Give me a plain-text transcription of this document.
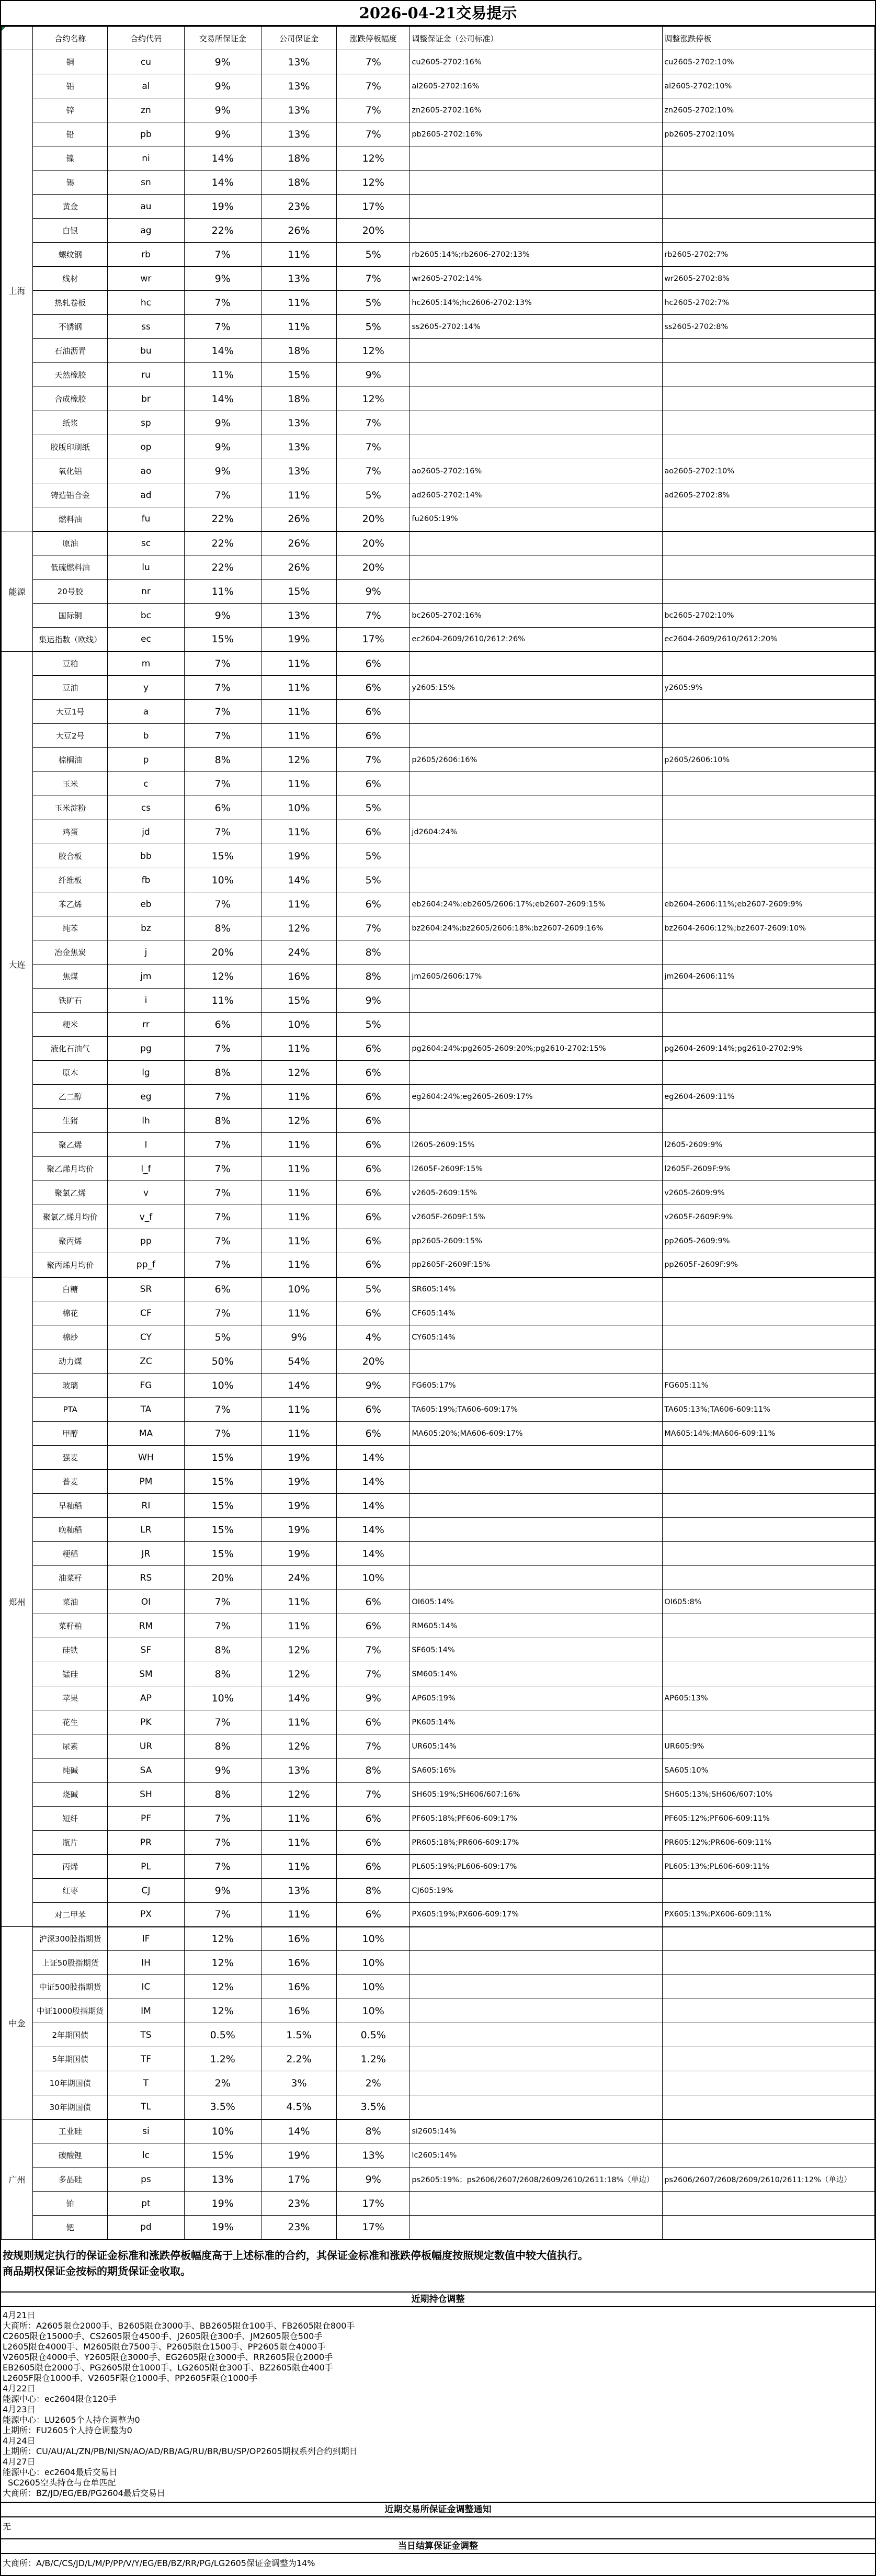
2026-04-21交易提示
	合约名称	合约代码	交易所保证金	公司保证金	涨跌停板幅度	调整保证金（公司标准）	调整涨跌停板
上海	铜	cu	9%	13%	7%	cu2605-2702:16%	cu2605-2702:10%
	铝	al	9%	13%	7%	al2605-2702:16%	al2605-2702:10%
	锌	zn	9%	13%	7%	zn2605-2702:16%	zn2605-2702:10%
	铅	pb	9%	13%	7%	pb2605-2702:16%	pb2605-2702:10%
	镍	ni	14%	18%	12%		
	锡	sn	14%	18%	12%		
	黄金	au	19%	23%	17%		
	白银	ag	22%	26%	20%		
	螺纹钢	rb	7%	11%	5%	rb2605:14%;rb2606-2702:13%	rb2605-2702:7%
	线材	wr	9%	13%	7%	wr2605-2702:14%	wr2605-2702:8%
	热轧卷板	hc	7%	11%	5%	hc2605:14%;hc2606-2702:13%	hc2605-2702:7%
	不锈钢	ss	7%	11%	5%	ss2605-2702:14%	ss2605-2702:8%
	石油沥青	bu	14%	18%	12%		
	天然橡胶	ru	11%	15%	9%		
	合成橡胶	br	14%	18%	12%		
	纸浆	sp	9%	13%	7%		
	胶版印刷纸	op	9%	13%	7%		
	氧化铝	ao	9%	13%	7%	ao2605-2702:16%	ao2605-2702:10%
	铸造铝合金	ad	7%	11%	5%	ad2605-2702:14%	ad2605-2702:8%
	燃料油	fu	22%	26%	20%	fu2605:19%	
能源	原油	sc	22%	26%	20%		
	低硫燃料油	lu	22%	26%	20%		
	20号胶	nr	11%	15%	9%		
	国际铜	bc	9%	13%	7%	bc2605-2702:16%	bc2605-2702:10%
	集运指数（欧线）	ec	15%	19%	17%	ec2604-2609/2610/2612:26%	ec2604-2609/2610/2612:20%
大连	豆粕	m	7%	11%	6%		
	豆油	y	7%	11%	6%	y2605:15%	y2605:9%
	大豆1号	a	7%	11%	6%		
	大豆2号	b	7%	11%	6%		
	棕榈油	p	8%	12%	7%	p2605/2606:16%	p2605/2606:10%
	玉米	c	7%	11%	6%		
	玉米淀粉	cs	6%	10%	5%		
	鸡蛋	jd	7%	11%	6%	jd2604:24%	
	胶合板	bb	15%	19%	5%		
	纤维板	fb	10%	14%	5%		
	苯乙烯	eb	7%	11%	6%	eb2604:24%;eb2605/2606:17%;eb2607-2609:15%	eb2604-2606:11%;eb2607-2609:9%
	纯苯	bz	8%	12%	7%	bz2604:24%;bz2605/2606:18%;bz2607-2609:16%	bz2604-2606:12%;bz2607-2609:10%
	冶金焦炭	j	20%	24%	8%		
	焦煤	jm	12%	16%	8%	jm2605/2606:17%	jm2604-2606:11%
	铁矿石	i	11%	15%	9%		
	粳米	rr	6%	10%	5%		
	液化石油气	pg	7%	11%	6%	pg2604:24%;pg2605-2609:20%;pg2610-2702:15%	pg2604-2609:14%;pg2610-2702:9%
	原木	lg	8%	12%	6%		
	乙二醇	eg	7%	11%	6%	eg2604:24%;eg2605-2609:17%	eg2604-2609:11%
	生猪	lh	8%	12%	6%		
	聚乙烯	l	7%	11%	6%	l2605-2609:15%	l2605-2609:9%
	聚乙烯月均价	l_f	7%	11%	6%	l2605F-2609F:15%	l2605F-2609F:9%
	聚氯乙烯	v	7%	11%	6%	v2605-2609:15%	v2605-2609:9%
	聚氯乙烯月均价	v_f	7%	11%	6%	v2605F-2609F:15%	v2605F-2609F:9%
	聚丙烯	pp	7%	11%	6%	pp2605-2609:15%	pp2605-2609:9%
	聚丙烯月均价	pp_f	7%	11%	6%	pp2605F-2609F:15%	pp2605F-2609F:9%
郑州	白糖	SR	6%	10%	5%	SR605:14%	
	棉花	CF	7%	11%	6%	CF605:14%	
	棉纱	CY	5%	9%	4%	CY605:14%	
	动力煤	ZC	50%	54%	20%		
	玻璃	FG	10%	14%	9%	FG605:17%	FG605:11%
	PTA	TA	7%	11%	6%	TA605:19%;TA606-609:17%	TA605:13%;TA606-609:11%
	甲醇	MA	7%	11%	6%	MA605:20%;MA606-609:17%	MA605:14%;MA606-609:11%
	强麦	WH	15%	19%	14%		
	普麦	PM	15%	19%	14%		
	早籼稻	RI	15%	19%	14%		
	晚籼稻	LR	15%	19%	14%		
	粳稻	JR	15%	19%	14%		
	油菜籽	RS	20%	24%	10%		
	菜油	OI	7%	11%	6%	OI605:14%	OI605:8%
	菜籽粕	RM	7%	11%	6%	RM605:14%	
	硅铁	SF	8%	12%	7%	SF605:14%	
	锰硅	SM	8%	12%	7%	SM605:14%	
	苹果	AP	10%	14%	9%	AP605:19%	AP605:13%
	花生	PK	7%	11%	6%	PK605:14%	
	尿素	UR	8%	12%	7%	UR605:14%	UR605:9%
	纯碱	SA	9%	13%	8%	SA605:16%	SA605:10%
	烧碱	SH	8%	12%	7%	SH605:19%;SH606/607:16%	SH605:13%;SH606/607:10%
	短纤	PF	7%	11%	6%	PF605:18%;PF606-609:17%	PF605:12%;PF606-609:11%
	瓶片	PR	7%	11%	6%	PR605:18%;PR606-609:17%	PR605:12%;PR606-609:11%
	丙烯	PL	7%	11%	6%	PL605:19%;PL606-609:17%	PL605:13%;PL606-609:11%
	红枣	CJ	9%	13%	8%	CJ605:19%	
	对二甲苯	PX	7%	11%	6%	PX605:19%;PX606-609:17%	PX605:13%;PX606-609:11%
中金	沪深300股指期货	IF	12%	16%	10%		
	上证50股指期货	IH	12%	16%	10%		
	中证500股指期货	IC	12%	16%	10%		
	中证1000股指期货	IM	12%	16%	10%		
	2年期国债	TS	0.5%	1.5%	0.5%		
	5年期国债	TF	1.2%	2.2%	1.2%		
	10年期国债	T	2%	3%	2%		
	30年期国债	TL	3.5%	4.5%	3.5%		
广州	工业硅	si	10%	14%	8%	si2605:14%	
	碳酸锂	lc	15%	19%	13%	lc2605:14%	
	多晶硅	ps	13%	17%	9%	ps2605:19%；ps2606/2607/2608/2609/2610/2611:18%（单边）	ps2606/2607/2608/2609/2610/2611:12%（单边）
	铂	pt	19%	23%	17%		
	钯	pd	19%	23%	17%		
按规则规定执行的保证金标准和涨跌停板幅度高于上述标准的合约，其保证金标准和涨跌停板幅度按照规定数值中较大值执行。
商品期权保证金按标的期货保证金收取。
近期持仓调整
4月21日
大商所：A2605限仓2000手、B2605限仓3000手、BB2605限仓100手、FB2605限仓800手
C2605限仓15000手、CS2605限仓4500手、J2605限仓300手、JM2605限仓500手
L2605限仓4000手、M2605限仓7500手、P2605限仓1500手、PP2605限仓4000手
V2605限仓4000手、Y2605限仓3000手、EG2605限仓3000手、RR2605限仓2000手
EB2605限仓2000手、PG2605限仓1000手、LG2605限仓300手、BZ2605限仓400手
L2605F限仓1000手、V2605F限仓1000手、PP2605F限仓1000手
4月22日
能源中心：ec2604限仓120手
4月23日
能源中心：LU2605个人持仓调整为0
上期所：FU2605个人持仓调整为0
4月24日
上期所：CU/AU/AL/ZN/PB/NI/SN/AO/AD/RB/AG/RU/BR/BU/SP/OP2605期权系列合约到期日
4月27日
能源中心：ec2604最后交易日
SC2605空头持仓与仓单匹配
大商所：BZ/JD/EG/EB/PG2604最后交易日
近期交易所保证金调整通知
无
当日结算保证金调整
大商所：A/B/C/CS/JD/L/M/P/PP/V/Y/EG/EB/BZ/RR/PG/LG2605保证金调整为14%
